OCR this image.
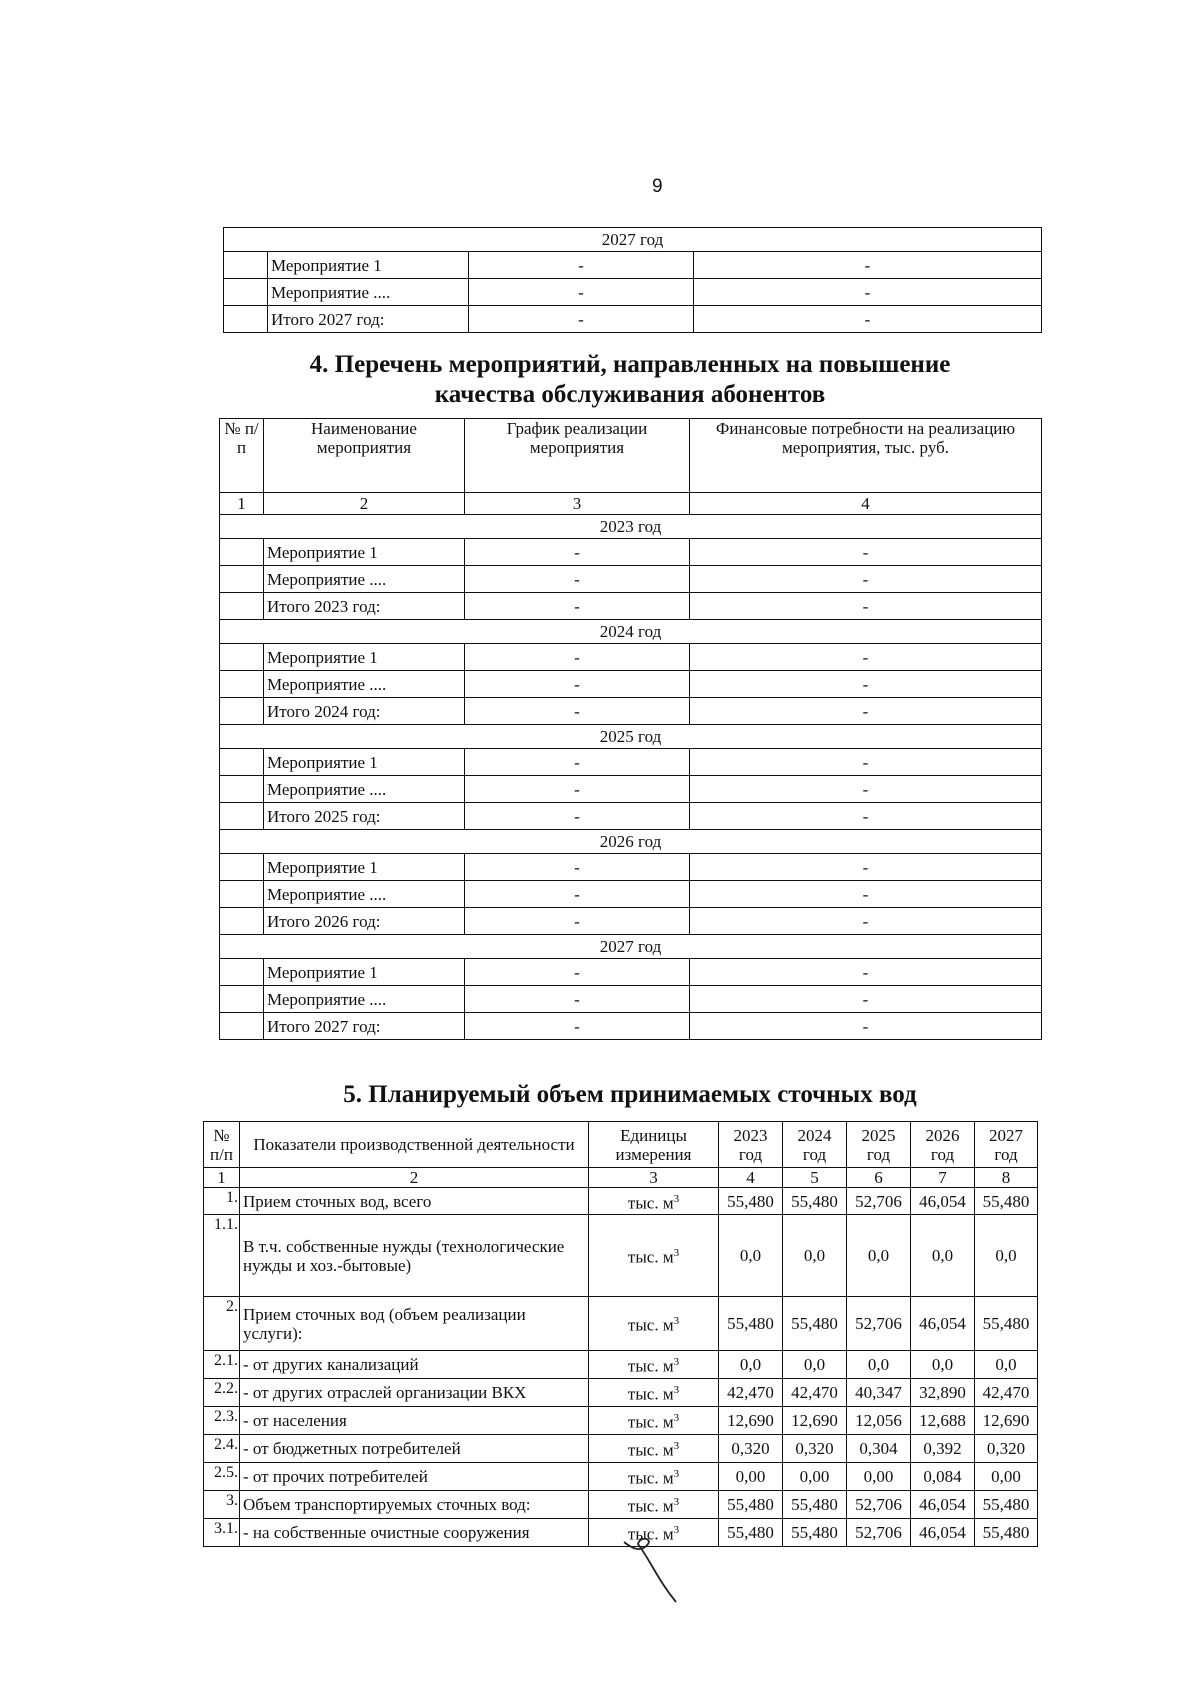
9
2027 год			
	Мероприятие 1	-	-
	Мероприятие ....	-	-
	Итого 2027 год:	-	-
4. Перечень мероприятий, направленных на повышение
качества обслуживания абонентов
№ п/п	Наименование мероприятия	График реализации мероприятия	Финансовые потребности на реализацию мероприятия, тыс. руб.
1	2	3	4
2023 год			
	Мероприятие 1	-	-
	Мероприятие ....	-	-
	Итого 2023 год:	-	-
2024 год			
	Мероприятие 1	-	-
	Мероприятие ....	-	-
	Итого 2024 год:	-	-
2025 год			
	Мероприятие 1	-	-
	Мероприятие ....	-	-
	Итого 2025 год:	-	-
2026 год			
	Мероприятие 1	-	-
	Мероприятие ....	-	-
	Итого 2026 год:	-	-
2027 год			
	Мероприятие 1	-	-
	Мероприятие ....	-	-
	Итого 2027 год:	-	-
5. Планируемый объем принимаемых сточных вод
№ п/п	Показатели производственной деятельности	Единицы измерения	2023 год	2024 год	2025 год	2026 год	2027 год
1	2	3	4	5	6	7	8
1.	Прием сточных вод, всего	тыс. $м^3$	55,480	55,480	52,706	46,054	55,480
1.1.	В т.ч. собственные нужды (технологические нужды и хоз.-бытовые)	тыс. $м^3$	0,0	0,0	0,0	0,0	0,0
2.	Прием сточных вод (объем реализации услуги):	тыс. $м^3$	55,480	55,480	52,706	46,054	55,480
2.1.	- от других канализаций	тыс. $м^3$	0,0	0,0	0,0	0,0	0,0
2.2.	- от других отраслей организации ВКХ	тыс. $м^3$	42,470	42,470	40,347	32,890	42,470
2.3.	- от населения	тыс. $м^3$	12,690	12,690	12,056	12,688	12,690
2.4.	- от бюджетных потребителей	тыс. $м^3$	0,320	0,320	0,304	0,392	0,320
2.5.	- от прочих потребителей	тыс. $м^3$	0,00	0,00	0,00	0,084	0,00
3.	Объем транспортируемых сточных вод:	тыс. $м^3$	55,480	55,480	52,706	46,054	55,480
3.1.	- на собственные очистные сооружения	тыс. $м^3$	55,480	55,480	52,706	46,054	55,480
